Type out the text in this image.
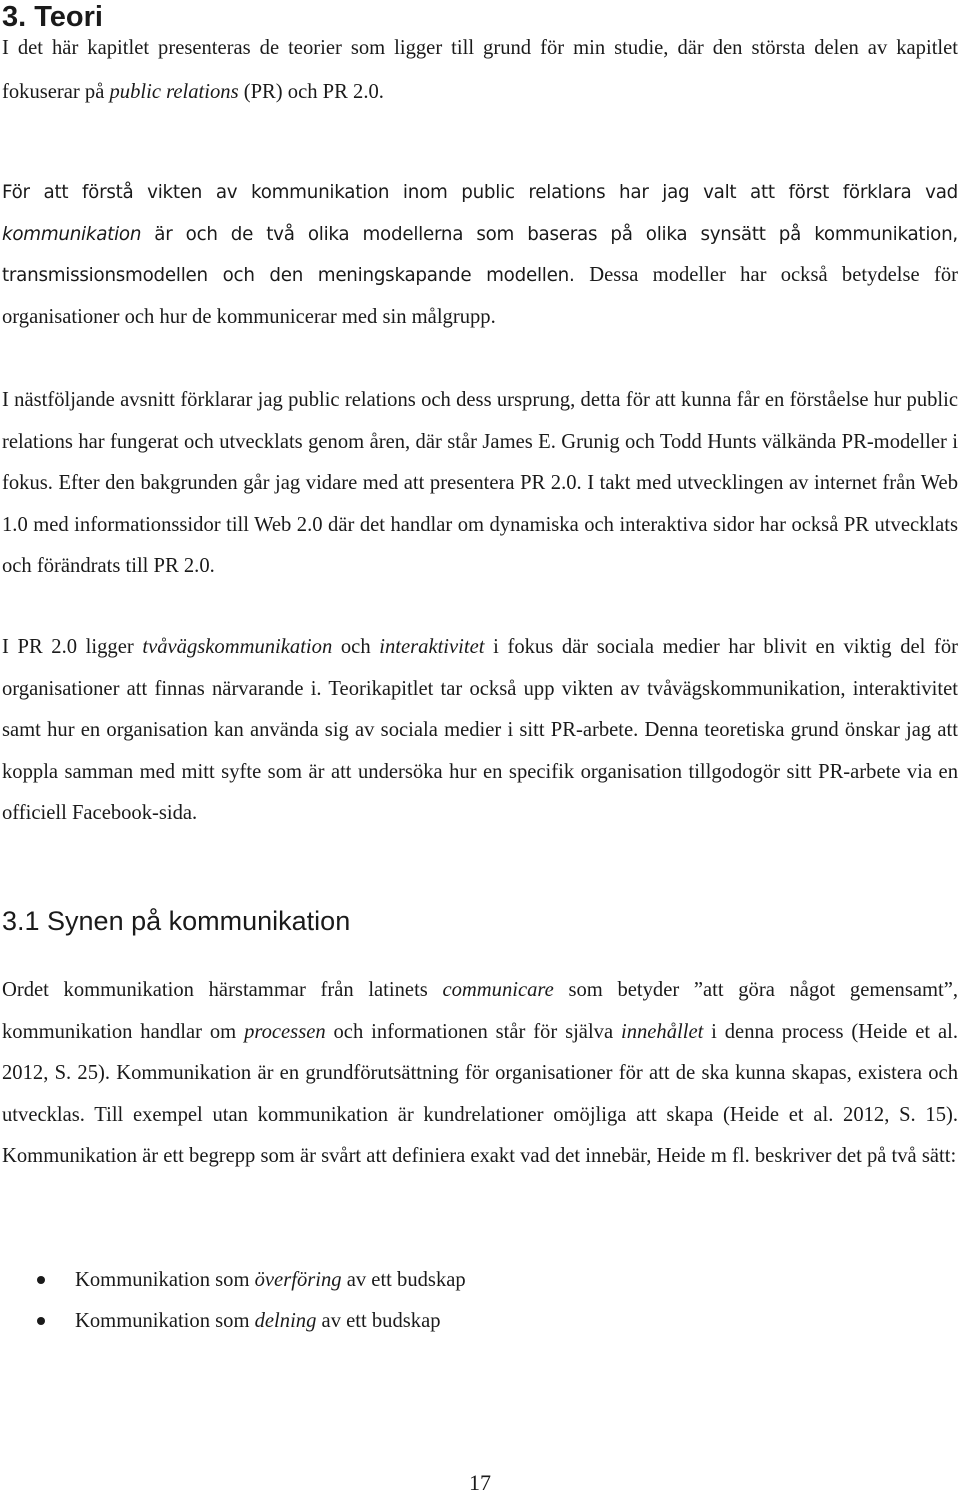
3. Teori

I det här kapitlet presenteras de teorier som ligger till grund för min studie, där den största delen av kapitlet fokuserar på public relations (PR) och PR 2.0.

För att förstå vikten av kommunikation inom public relations har jag valt att först förklara vad kommunikation är och de två olika modellerna som baseras på olika synsätt på kommunikation, transmissionsmodellen och den meningskapande modellen. Dessa modeller har också betydelse för organisationer och hur de kommunicerar med sin målgrupp.

I nästföljande avsnitt förklarar jag public relations och dess ursprung, detta för att kunna får en förståelse hur public relations har fungerat och utvecklats genom åren, där står James E. Grunig och Todd Hunts välkända PR-modeller i fokus. Efter den bakgrunden går jag vidare med att presentera PR 2.0. I takt med utvecklingen av internet från Web 1.0 med informationssidor till Web 2.0 där det handlar om dynamiska och interaktiva sidor har också PR utvecklats och förändrats till PR 2.0.

I PR 2.0 ligger tvåvägskommunikation och interaktivitet i fokus där sociala medier har blivit en viktig del för organisationer att finnas närvarande i. Teorikapitlet tar också upp vikten av tvåvägskommunikation, interaktivitet samt hur en organisation kan använda sig av sociala medier i sitt PR-arbete. Denna teoretiska grund önskar jag att koppla samman med mitt syfte som är att undersöka hur en specifik organisation tillgodogör sitt PR-arbete via en officiell Facebook-sida.

3.1 Synen på kommunikation

Ordet kommunikation härstammar från latinets communicare som betyder ”att göra något gemensamt”, kommunikation handlar om processen och informationen står för själva innehållet i denna process (Heide et al. 2012, S. 25). Kommunikation är en grundförutsättning för organisationer för att de ska kunna skapas, existera och utvecklas. Till exempel utan kommunikation är kundrelationer omöjliga att skapa (Heide et al. 2012, S. 15). Kommunikation är ett begrepp som är svårt att definiera exakt vad det innebär, Heide m fl. beskriver det på två sätt:

Kommunikation som överföring av ett budskap
Kommunikation som delning av ett budskap
17
